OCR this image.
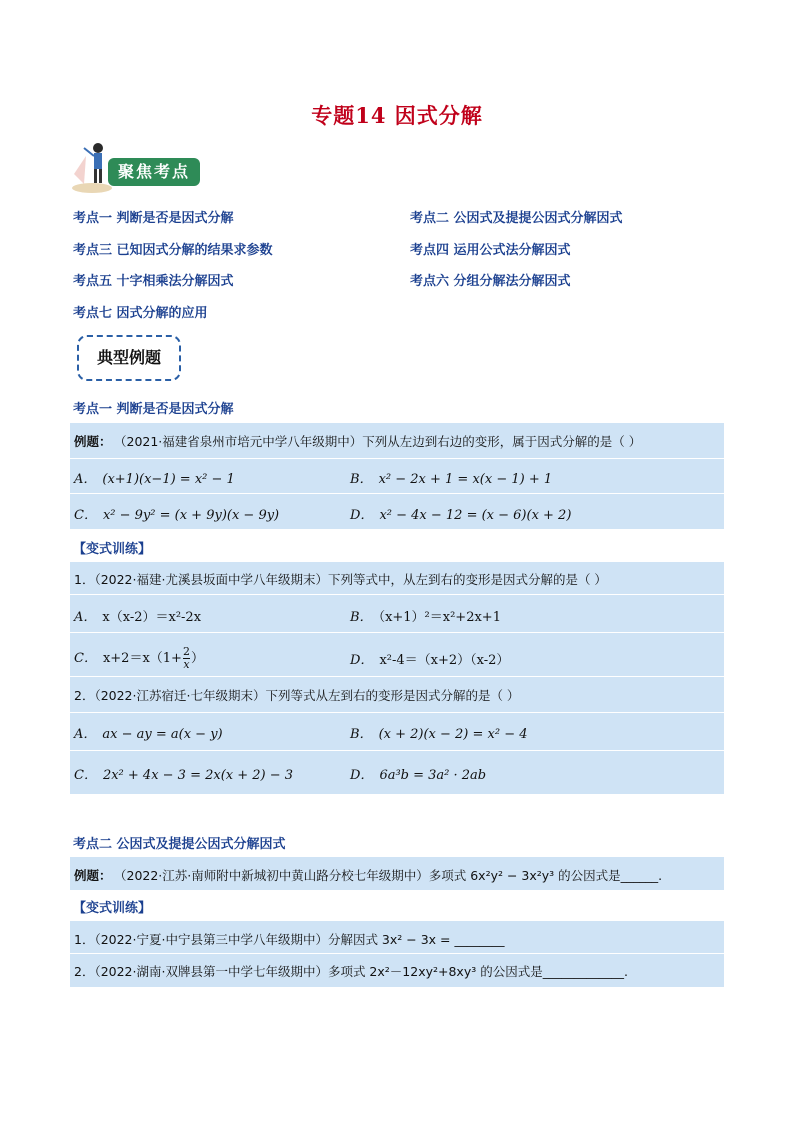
专题14 因式分解
聚焦考点
考点一 判断是否是因式分解	考点二 公因式及提提公因式分解因式
考点三 已知因式分解的结果求参数	考点四 运用公式法分解因式
考点五 十字相乘法分解因式	考点六 分组分解法分解因式
考点七 因式分解的应用
典型例题
考点一 判断是否是因式分解
例题： （2021·福建省泉州市培元中学八年级期中）下列从左边到右边的变形，属于因式分解的是（ ）
A． (x+1)(x−1) = x² − 1	B． x² − 2x + 1 = x(x − 1) + 1
C． x² − 9y² = (x + 9y)(x − 9y)	D． x² − 4x − 12 = (x − 6)(x + 2)
【变式训练】
1．（2022·福建·尤溪县坂面中学八年级期末）下列等式中，从左到右的变形是因式分解的是（ ）
A． x（x-2）＝x²-2x	B． （x+1）²＝x²+2x+1
C． $x+2=x(1+ \frac{2}{x}$ ）	D． x²-4＝（x+2）（x-2）
2．（2022·江苏宿迁·七年级期末）下列等式从左到右的变形是因式分解的是（ ）
A． ax − ay = a(x − y)	B． (x + 2)(x − 2) = x² − 4
C． 2x² + 4x − 3 = 2x(x + 2) − 3	D． 6a³b = 3a² · 2ab
考点二 公因式及提提公因式分解因式
例题： （2022·江苏·南师附中新城初中黄山路分校七年级期中）多项式 6x²y² − 3x²y³ 的公因式是______.
【变式训练】
1．（2022·宁夏·中宁县第三中学八年级期中）分解因式 3x² − 3x = ________
2．（2022·湖南·双牌县第一中学七年级期中）多项式 2x²－12xy²+8xy³ 的公因式是_____________.
